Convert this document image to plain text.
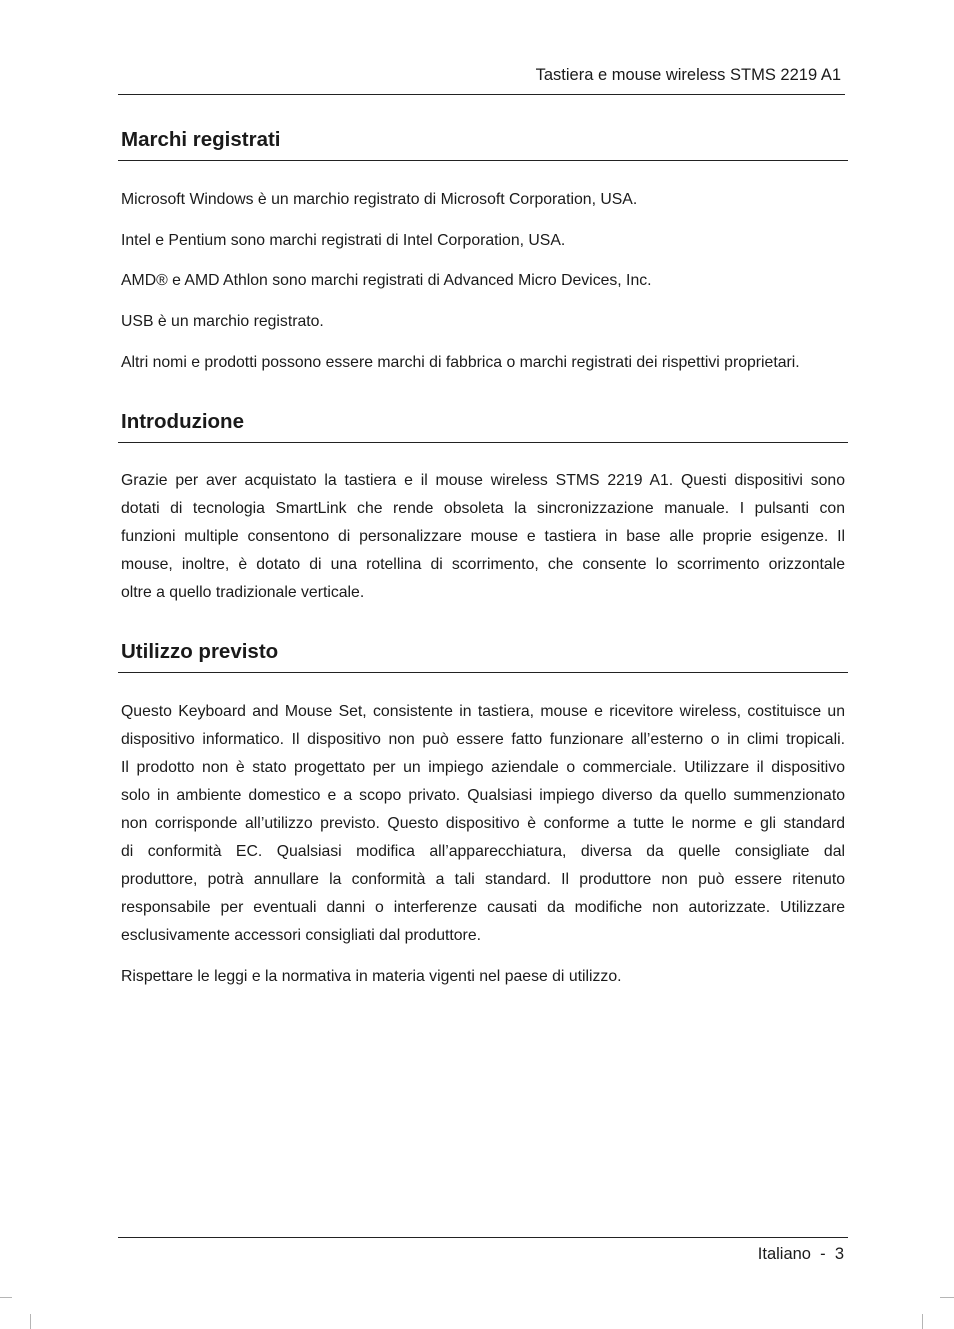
Tastiera e mouse wireless STMS 2219 A1
Marchi registrati

Microsoft Windows è un marchio registrato di Microsoft Corporation, USA.

Intel e Pentium sono marchi registrati di Intel Corporation, USA.

AMD® e AMD Athlon sono marchi registrati di Advanced Micro Devices, Inc.

USB è un marchio registrato.

Altri nomi e prodotti possono essere marchi di fabbrica o marchi registrati dei rispettivi proprietari.

Introduzione
Grazie per aver acquistato la tastiera e il mouse wireless STMS 2219 A1. Questi dispositivi sono
dotati di tecnologia SmartLink che rende obsoleta la sincronizzazione manuale. I pulsanti con
funzioni multiple consentono di personalizzare mouse e tastiera in base alle proprie esigenze. Il
mouse, inoltre, è dotato di una rotellina di scorrimento, che consente lo scorrimento orizzontale
oltre a quello tradizionale verticale.
Utilizzo previsto
Questo Keyboard and Mouse Set, consistente in tastiera, mouse e ricevitore wireless, costituisce un
dispositivo informatico. Il dispositivo non può essere fatto funzionare all’esterno o in climi tropicali.
Il prodotto non è stato progettato per un impiego aziendale o commerciale. Utilizzare il dispositivo
solo in ambiente domestico e a scopo privato. Qualsiasi impiego diverso da quello summenzionato
non corrisponde all’utilizzo previsto. Questo dispositivo è conforme a tutte le norme e gli standard
di conformità EC. Qualsiasi modifica all’apparecchiatura, diversa da quelle consigliate dal
produttore, potrà annullare la conformità a tali standard. Il produttore non può essere ritenuto
responsabile per eventuali danni o interferenze causati da modifiche non autorizzate. Utilizzare
esclusivamente accessori consigliati dal produttore.

Rispettare le leggi e la normativa in materia vigenti nel paese di utilizzo.

Italiano  -  3
